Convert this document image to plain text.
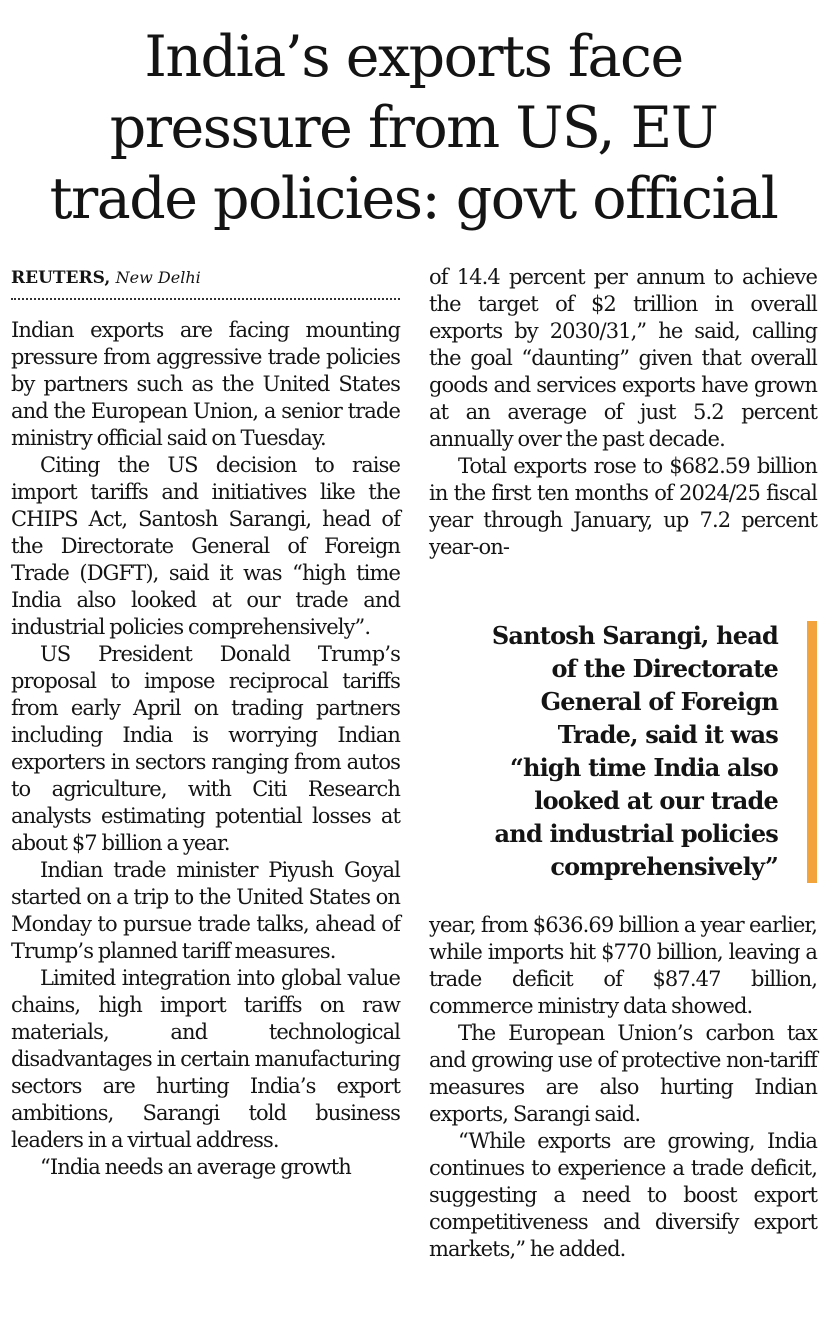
India’s exports face
pressure from US, EU
trade policies: govt official
REUTERS, New Delhi

Indian exports are facing mounting pressure from aggressive trade policies by partners such as the United States and the European Union, a senior trade ministry official said on Tuesday.

Citing the US decision to raise import tariffs and initiatives like the CHIPS Act, Santosh Sarangi, head of the Directorate General of Foreign Trade (DGFT), said it was “high time India also looked at our trade and industrial policies comprehensively”.

US President Donald Trump’s proposal to impose reciprocal tariffs from early April on trading partners including India is worrying Indian exporters in sectors ranging from autos to agriculture, with Citi Research analysts estimating potential losses at about $7 billion a year.

Indian trade minister Piyush Goyal started on a trip to the United States on Monday to pursue trade talks, ahead of Trump’s planned tariff measures.

Limited integration into global value chains, high import tariffs on raw materials, and technological disadvantages in certain manufacturing sectors are hurting India’s export ambitions, Sarangi told business leaders in a virtual address.

“India needs an average growth

of 14.4 percent per annum to achieve the target of $2 trillion in overall exports by 2030/31,” he said, calling the goal “daunting” given that overall goods and services exports have grown at an average of just 5.2 percent annually over the past decade.

Total exports rose to $682.59 billion in the first ten months of 2024/25 fiscal year through January, up 7.2 percent year-on-

Santosh Sarangi, head
of the Directorate
General of Foreign
Trade, said it was
“high time India also
looked at our trade
and industrial policies
comprehensively”

year, from $636.69 billion a year earlier, while imports hit $770 billion, leaving a trade deficit of $87.47 billion, commerce ministry data showed.

The European Union’s carbon tax and growing use of protective non-tariff measures are also hurting Indian exports, Sarangi said.

“While exports are growing, India continues to experience a trade deficit, suggesting a need to boost export competitiveness and diversify export markets,” he added.
